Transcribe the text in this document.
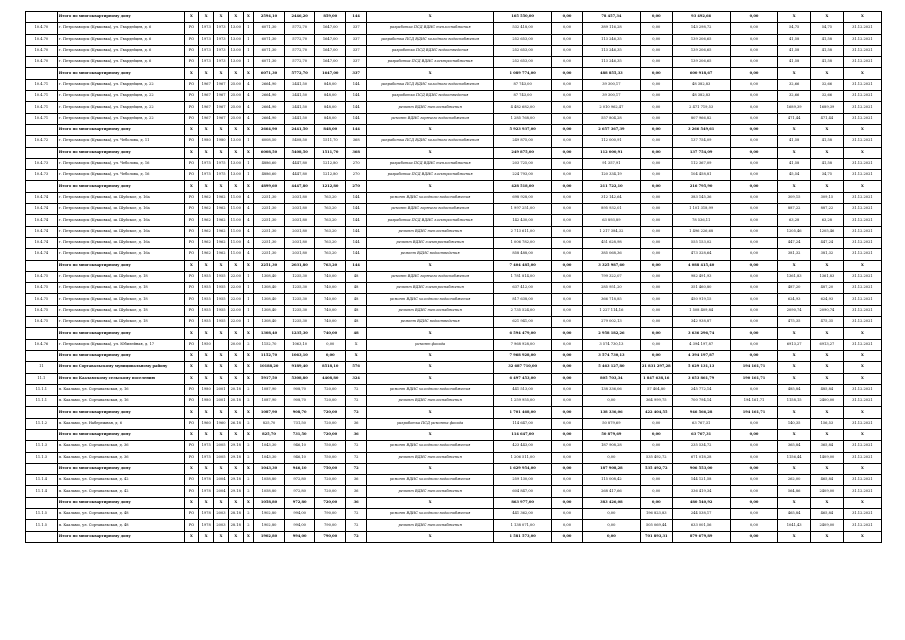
	Итого по многоквартирному дому	X	X	X	X	X	2594,10	2446,20	859,00	144	X	165 550,00	0,00	78 457,34	0,00	93 492,66	0,00	X	X	X
10.4.70	г. Петрозаводск (Кукковка), ул. Гвардейцев, д. 6	РО	1973	1973	13.00	1	6071,30	5772,70	1647,00	337	разработка ПСД ВДИС теплоснабжения	532 418,00	0,00	389 116,28	0,00	143 298,72	0,00	54,75	54,75	31.12.2021
10.4.70	г. Петрозаводск (Кукковка), ул. Гвардейцев, д. 6	РО	1973	1973	13.00	1	6071,30	5772,70	1647,00	337	разработка ПСД ВДИС холодного водоснабжения	252 653,00	0,00	113 246,35	0,00	139 206,65	0,00	41,58	41,58	31.12.2021
10.4.70	г. Петрозаводск (Кукковка), ул. Гвардейцев, д. 6	РО	1973	1973	13.00	1	6071,30	5772,70	1647,00	337	разработка ПСД ВДИС водоотведения	252 653,00	0,00	113 246,35	0,00	139 206,65	0,00	41,58	41,58	31.12.2021
10.4.70	г. Петрозаводск (Кукковка), ул. Гвардейцев, д. 6	РО	1973	1973	13.00	1	6071,30	5772,70	1647,00	337	разработка ПСД ВДИС электроснабжения	252 653,00	0,00	113 246,35	0,00	139 206,65	0,00	41,58	41,58	31.12.2021
	Итого по многоквартирному дому	X	X	X	X	X	6071,30	5772,70	1647,00	337	X	1 089 774,00	0,00	488 855,33	0,00	600 918,67	0,00	X	X	X
10.4.71	г. Петрозаводск (Кукковка), ул. Гвардейцев, д. 22	РО	1967	1967	25.00	4	2664,90	2441,50	848,00	144	разработка ПСД ВДИС холодного водоснабжения	87 743,00	0,00	39 300,17	0,00	48 382,83	0,00	32,66	32,66	31.12.2021
10.4.71	г. Петрозаводск (Кукковка), ул. Гвардейцев, д. 22	РО	1967	1967	25.00	4	2664,90	2441,50	848,00	144	разработка ПСД ВДИС водоотведения	87 743,00	0,00	39 300,17	0,00	48 382,83	0,00	32,66	32,66	31.12.2021
10.4.71	г. Петрозаводск (Кукковка), ул. Гвардейцев, д. 22	РО	1967	1967	25.00	4	2664,90	2441,50	848,00	144	ремонт ВДИС теплоснабжения	4 482 682,00	0,00	2 010 962,47	0,00	2 471 719,53	0,00	1689,39	1689,39	31.12.2021
10.4.71	г. Петрозаводск (Кукковка), ул. Гвардейцев, д. 22	РО	1967	1967	25.00	4	2664,90	2441,50	848,00	144	ремонт ВДИС горячего водоснабжения	1 285 768,00	0,00	557 804,28	0,00	807 966,82	0,00	471,44	471,44	31.12.2021
	Итого по многоквартирному дому	X	X	X	X	X	2664,90	2441,50	848,00	144	X	5 923 937,00	0,00	2 657 367,39	0,00	3 266 549,61	0,00	X	X	X
10.4.72	г. Петрозаводск (Кукковка), ул. Чеболова, д. 11	РО	1980	1980	13.00	1	6008,50	5408,50	1511,70	368	разработка ПСД ВДИС холодного водоснабжения	249 875,00	0,00	112 000,91	0,00	137 754,09	0,00	41,58	41,58	31.12.2021
	Итого по многоквартирному дому	X	X	X	X	X	6008,50	5408,50	1511,70	368	X	249 875,00	0,00	112 000,91	0,00	137 754,09	0,00	X	X	X
10.4.73	г. Петрозаводск (Кукковка), ул. Чеболова, д. 16	РО	1975	1975	13.00	1	4886,60	4447,80	1212,80	270	разработка ПСД ВДИС теплоснабжения	203 725,00	0,00	91 357,91	0,00	112 367,09	0,00	41,58	41,58	31.12.2021
10.4.73	г. Петрозаводск (Кукковка), ул. Чеболова, д. 16	РО	1975	1975	13.00	1	4886,60	4447,80	1212,80	270	разработка ПСД ВДИС электроснабжения	224 793,00	0,00	120 334,19	0,00	104 458,81	0,00	45,54	34,75	31.12.2021
	Итого по многоквартирному дому	X	X	X	X	X	4899,60	4447,80	1212,80	270	X	428 518,00	0,00	211 722,10	0,00	216 795,90	0,00	X	X	X
10.4.74	г. Петрозаводск (Кукковка), ш. Шуйское, д. 16а	РО	1962	1962	11.00	4	2251,30	2031,80	763,20	144	ремонт ВДИС холодного водоснабжения	698 928,00	0,00	312 142,64	0,00	383 145,36	0,00	309,15	309,15	31.12.2021
10.4.74	г. Петрозаводск (Кукковка), ш. Шуйское, д. 16а	РО	1962	1962	11.00	4	2251,30	2031,80	763,20	144	ремонт ВДИС горячего водоснабжения	1 997 251,00	0,00	895 932,01	0,00	1 101 318,99	0,00	887,22	887,22	31.12.2021
10.4.74	г. Петрозаводск (Кукковка), ш. Шуйское, д. 16а	РО	1962	1962	11.00	4	2251,30	2031,80	763,20	144	разработка ПСД ВДИС электроснабжения	142 430,00	0,00	63 893,89	0,00	78 536,11	0,00	63,28	63,28	31.12.2021
10.4.74	г. Петрозаводск (Кукковка), ш. Шуйское, д. 16а	РО	1962	1962	11.00	4	2251,30	2031,80	763,20	144	ремонт ВДИС теплоснабжения	2 713 611,00	0,00	1 217 384,32	0,00	1 496 226,68	0,00	1205,46	1205,46	31.12.2021
10.4.74	г. Петрозаводск (Кукковка), ш. Шуйское, д. 16а	РО	1962	1962	11.00	4	2251,30	2031,80	763,20	144	ремонт ВДИС электроснабжения	1 006 782,00	0,00	451 628,98	0,00	555 153,02	0,00	447,24	447,24	31.12.2021
10.4.74	г. Петрозаводск (Кукковка), ш. Шуйское, д. 16а	РО	1962	1962	11.00	4	2251,30	2031,80	763,20	144	ремонт ВДИС водоотведения	858 488,00	0,00	385 068,36	0,00	473 328,64	0,00	381,32	381,32	31.12.2021
	Итого по многоквартирному дому	X	X	X	X	X	2251,30	2031,80	763,20	144	X	7 404 485,00	0,00	3 325 987,60	0,00	4 088 415,40	0,00	X	X	X
10.4.75	г. Петрозаводск (Кукковка), ш. Шуйское, д. 18	РО	1955	1955	22.00	1	1308,40	1235,30	740,00	48	ремонт ВДИС горячего водоснабжения	1 781 814,00	0,00	799 322,07	0,00	982 491,93	0,00	1361,83	1361,83	31.12.2021
10.4.75	г. Петрозаводск (Кукковка), ш. Шуйское, д. 18	РО	1955	1955	22.00	1	1308,40	1235,30	740,00	48	ремонт ВДИС электроснабжения	637 412,00	0,00	285 951,20	0,00	351 460,80	0,00	487,20	487,20	31.12.2021
10.4.75	г. Петрозаводск (Кукковка), ш. Шуйское, д. 18	РО	1955	1955	22.00	1	1308,40	1235,30	740,00	48	ремонт ВДИС холодного водоснабжения	817 638,00	0,00	366 718,85	0,00	450 919,15	0,00	624,93	624,93	31.12.2021
10.4.75	г. Петрозаводск (Кукковка), ш. Шуйское, д. 18	РО	1955	1955	22.00	1	1308,40	1235,30	740,00	48	ремонт ВДИС теплоснабжения	2 735 524,00	0,00	1 227 114,16	0,00	1 508 409,84	0,00	2090,74	2090,74	31.12.2021
10.4.75	г. Петрозаводск (Кукковка), ш. Шуйское, д. 18	РО	1955	1955	22.00	1	1308,40	1235,30	740,00	48	ремонт ВДИС водоотведения	621 941,00	0,00	279 002,13	0,00	342 938,87	0,00	475,35	475,35	31.12.2021
	Итого по многоквартирному дому	X	X	X	X	X	1308,40	1235,30	740,00	48	X	6 594 479,00	0,00	2 958 182,26	0,00	3 636 296,74	0,00	X	X	X
10.4.76	г. Петрозаводск (Кукковка), ул. Юбилейная, д. 17	РО	1950		20.00	2	1152,70	1063,10	0,00	X	ремонт фасада	7 968 928,00	0,00	3 574 730,13	0,00	4 394 197,87	0,00	6913,27	6913,27	31.12.2021
	Итого по многоквартирному дому	X	X	X	X	X	1152,70	1063,10	0,00	X	X	7 968 928,00	0,00	3 574 730,13	0,00	4 394 197,87	0,00	X	X	X
11	Итого по Сортавальскому муниципальному району	X	X	X	X	X	10188,20	9189,40	8518,10	576	X	32 687 710,00	0,00	5 463 127,80	21 831 297,28	5 629 131,13	194 161,71	X	X	X
11.1	Итого по Кааламскому сельскому поселению	X	X	X	X	X	5917,50	5308,80	4408,80	324	X	6 497 453,00	0,00	805 703,34	1 847 638,16	3 653 861,79	190 161,71	X	X	X
11.1.1	п. Кааламо, ул. Сортавальская, д. 16	РО	1980	2001	20.18	2	1087,90	908,70	720,00	72	ремонт ВДИС холодного водоснабжения	441 513,00	0,00	138 336,06	57 404,80	245 772,14	0,00	485,84	485,84	31.12.2021
11.1.1	п. Кааламо, ул. Сортавальская, д. 16	РО	1980	2001	20.18	2	1087,90	908,70	720,00	72	ремонт ВДИС теплоснабжения	1 259 955,00	0,00	0,00	364 999,75	700 794,14	194 161,71	1158,15	2400,00	31.12.2021
	Итого по многоквартирному дому	X	X	X	X	X	1087,90	908,70	720,00	72	X	1 701 468,00	0,00	138 336,06	422 404,55	946 566,28	194 161,71	X	X	X
11.1.2	п. Кааламо, ул. Набережная, д. 6	РО	1960	1960	26.18	2	825,70	731,50	720,00	36	разработка ПСД ремонта фасада	114 647,00	0,00	50 879,69	0,00	63 767,31	0,00	140,35	156,53	31.12.2021
	Итого по многоквартирному дому	X	X	X	X	X	825,70	731,50	720,00	36	X	114 647,00	0,00	50 879,69	0,00	63 767,31	0,00	X	X	X
11.1.3	п. Кааламо, ул. Сортавальская, д. 36	РО	1975	2005	29.18	2	1043,30	946,10	750,00	72	ремонт ВДИС холодного водоснабжения	423 443,00	0,00	187 908,28	0,00	235 534,72	0,00	365,84	365,84	31.12.2021
11.1.3	п. Кааламо, ул. Сортавальская, д. 36	РО	1975	2005	29.18	2	1043,30	946,10	750,00	72	ремонт ВДИС теплоснабжения	1 206 511,00	0,00	0,00	535 492,72	671 018,28	0,00	1156,44	1409,00	31.12.2021
	Итого по многоквартирному дому	X	X	X	X	X	1043,30	946,10	750,00	72	X	1 629 954,00	0,00	187 908,28	535 492,72	906 553,00	0,00	X	X	X
11.1.4	п. Кааламо, ул. Сортавальская, д. 42	РО	1978	2004	29.18	2	1058,80	972,80	720,00	36	ремонт ВДИС холодного водоснабжения	259 130,00	0,00	115 008,42	0,00	144 121,58	0,00	262,00	465,84	31.12.2021
11.1.4	п. Кааламо, ул. Сортавальская, д. 42	РО	1978	2004	29.18	2	1058,80	972,80	720,00	36	ремонт ВДИС теплоснабжения	604 847,00	0,00	268 417,66	0,00	336 419,34	0,00	564,86	2409,00	31.12.2021
	Итого по многоквартирному дому	X	X	X	X	X	1058,80	972,80	720,00	36	X	863 977,00	0,00	383 426,08	0,00	480 540,92	0,00	X	X	X
11.1.5	п. Кааламо, ул. Сортавальская, д. 48	РО	1978	2003	28.18	2	1902,80	994,00	790,00	72	ремонт ВДИС холодного водоснабжения	441 362,00	0,00	0,00	196 823,83	244 538,17	0,00	465,84	465,84	31.12.2021
11.1.5	п. Кааламо, ул. Сортавальская, д. 48	РО	1978	2003	28.18	2	1902,80	994,00	790,00	72	ремонт ВДИС теплоснабжения	1 138 071,00	0,00	0,00	505 069,44	633 001,56	0,00	1041,43	2409,00	31.12.2021
	Итого по многоквартирному дому	X	X	X	X	X	1902,80	994,00	790,00	72	X	1 581 573,00	0,00	0,00	701 893,31	879 679,89	0,00	X	X	X
